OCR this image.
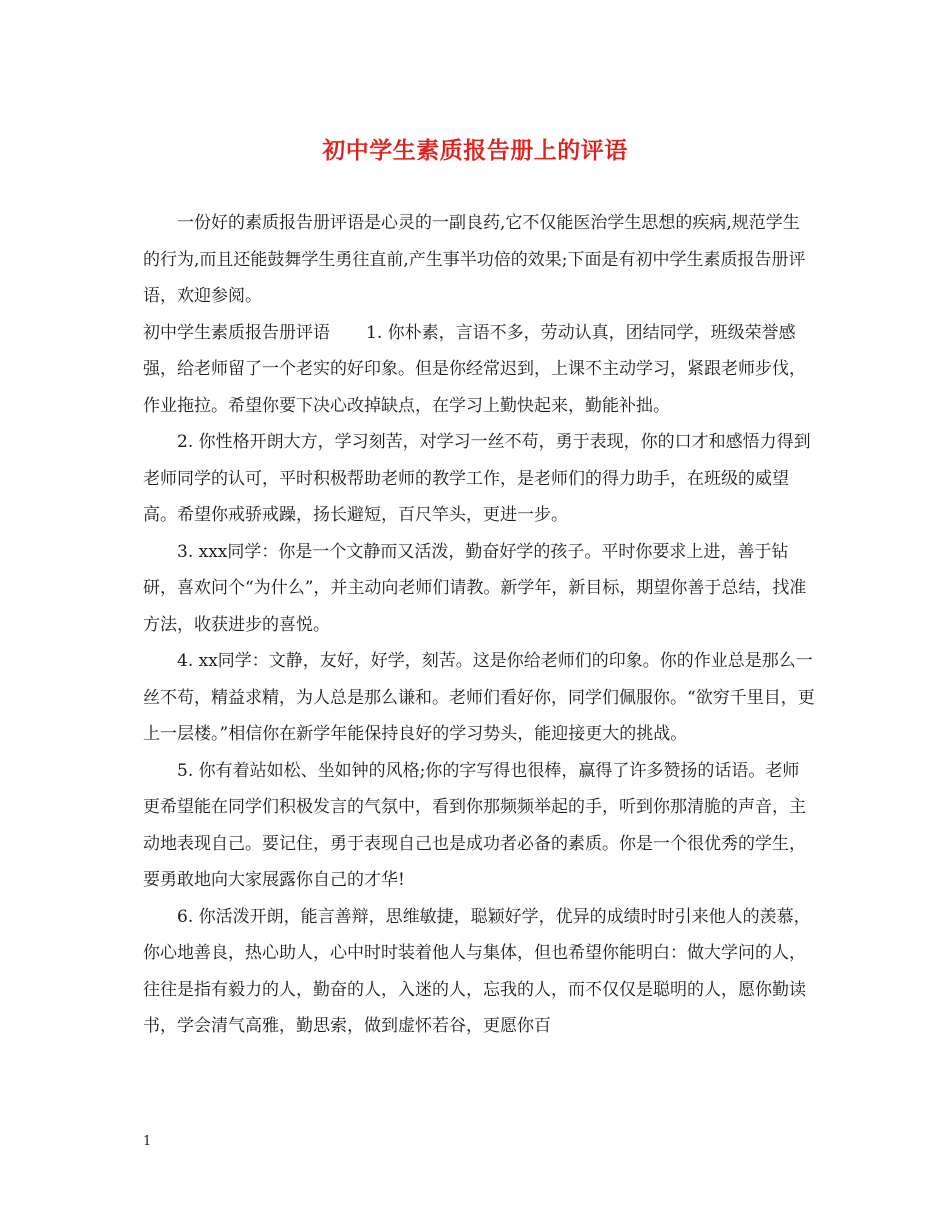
初中学生素质报告册上的评语

一份好的素质报告册评语是心灵的一副良药,它不仅能医治学生思想的疾病,规范学生的行为,而且还能鼓舞学生勇往直前,产生事半功倍的效果;下面是有初中学生素质报告册评语，欢迎参阅。

初中学生素质报告册评语 1. 你朴素，言语不多，劳动认真，团结同学，班级荣誉感强，给老师留了一个老实的好印象。但是你经常迟到，上课不主动学习，紧跟老师步伐，作业拖拉。希望你要下决心改掉缺点，在学习上勤快起来，勤能补拙。

2. 你性格开朗大方，学习刻苦，对学习一丝不苟，勇于表现，你的口才和感悟力得到老师同学的认可，平时积极帮助老师的教学工作，是老师们的得力助手，在班级的威望高。希望你戒骄戒躁，扬长避短，百尺竿头，更进一步。

3. xxx同学：你是一个文静而又活泼，勤奋好学的孩子。平时你要求上进，善于钻研，喜欢问个“为什么”，并主动向老师们请教。新学年，新目标，期望你善于总结，找准方法，收获进步的喜悦。

4. xx同学：文静，友好，好学，刻苦。这是你给老师们的印象。你的作业总是那么一丝不苟，精益求精，为人总是那么谦和。老师们看好你，同学们佩服你。“欲穷千里目，更上一层楼。”相信你在新学年能保持良好的学习势头，能迎接更大的挑战。

5. 你有着站如松、坐如钟的风格;你的字写得也很棒，赢得了许多赞扬的话语。老师更希望能在同学们积极发言的气氛中，看到你那频频举起的手，听到你那清脆的声音，主动地表现自己。要记住，勇于表现自己也是成功者必备的素质。你是一个很优秀的学生，要勇敢地向大家展露你自己的才华!

6. 你活泼开朗，能言善辩，思维敏捷，聪颖好学，优异的成绩时时引来他人的羡慕，你心地善良，热心助人，心中时时装着他人与集体，但也希望你能明白：做大学问的人，往往是指有毅力的人，勤奋的人，入迷的人，忘我的人，而不仅仅是聪明的人，愿你勤读书，学会清气高雅，勤思索，做到虚怀若谷，更愿你百

1
